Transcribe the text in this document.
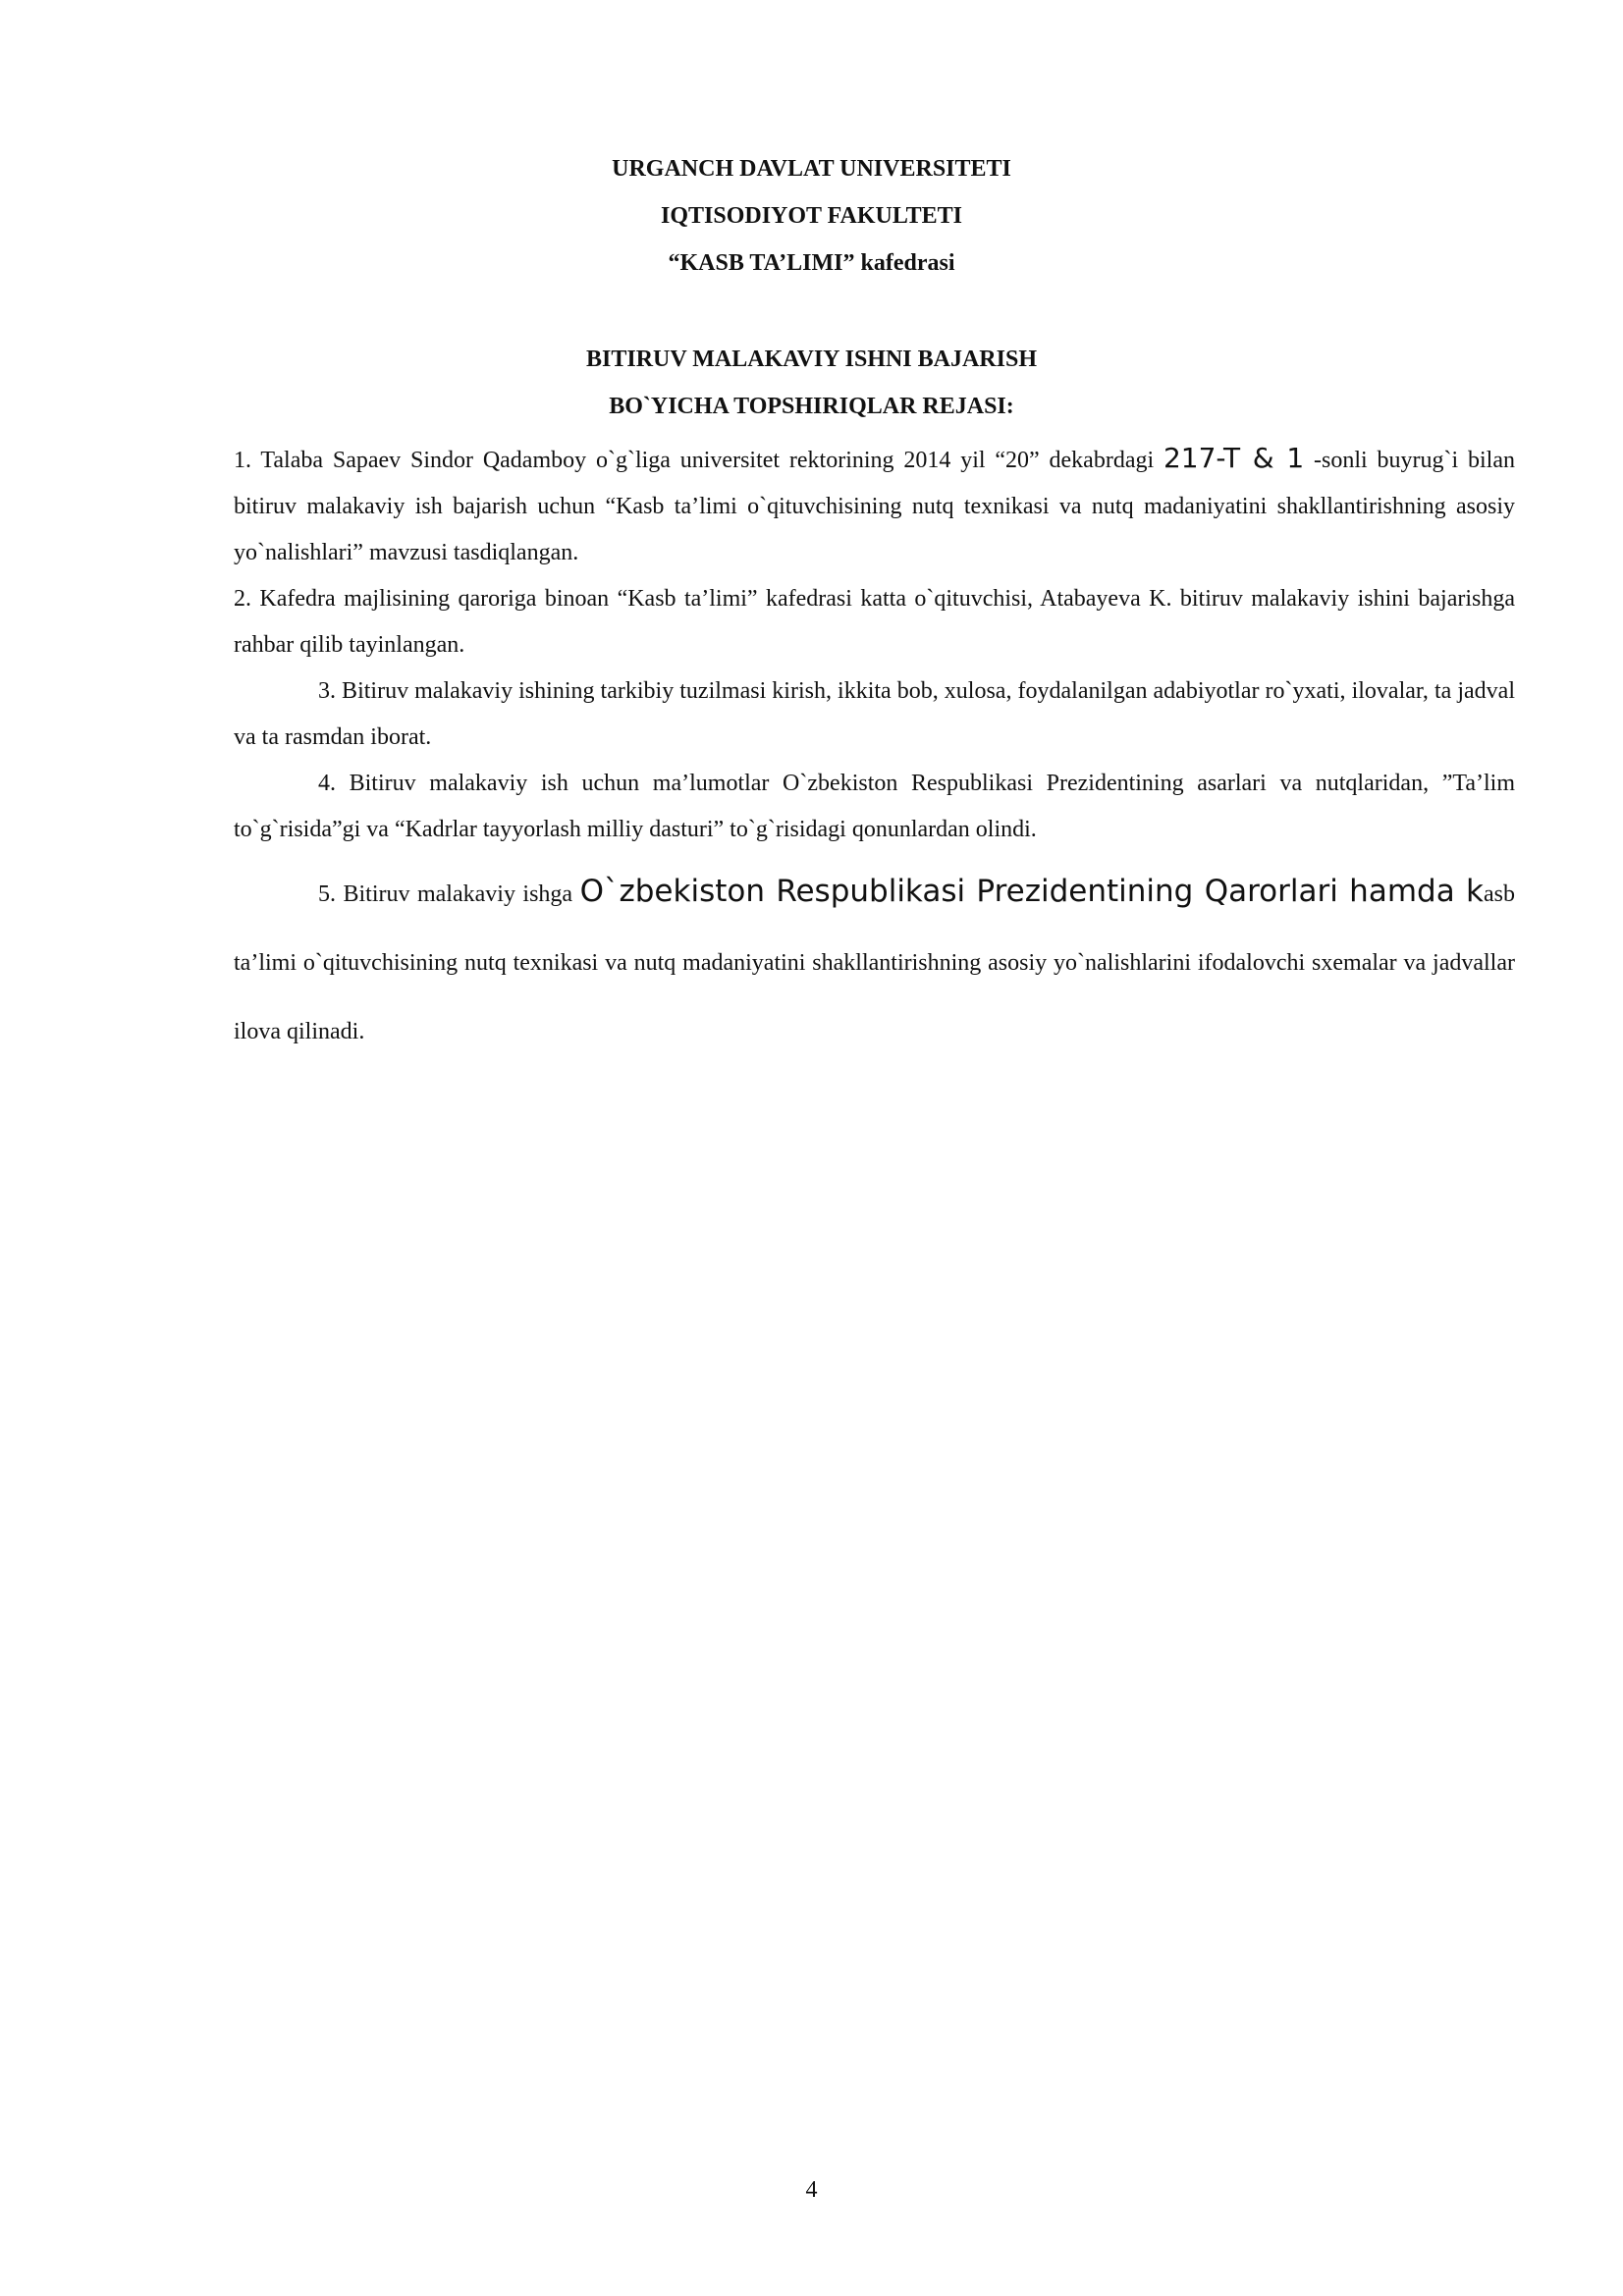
URGANCH DAVLAT UNIVERSITETI
IQTISODIYOT FAKULTETI
“KASB TA’LIMI” kafedrasi
BITIRUV MALAKAVIY ISHNI BAJARISH
BO`YICHA TOPSHIRIQLAR REJASI:

1. Talaba Sapaev Sindor Qadamboy o`g`liga universitet rektorining 2014 yil “20” dekabrdagi 217-T & 1 -sonli buyrug`i bilan bitiruv malakaviy ish bajarish uchun “Kasb ta’limi o`qituvchisining nutq texnikasi va nutq madaniyatini shakllantirishning asosiy yo`nalishlari” mavzusi tasdiqlangan.

2. Kafedra majlisining qaroriga binoan “Kasb ta’limi” kafedrasi katta o`qituvchisi, Atabayeva K. bitiruv malakaviy ishini bajarishga rahbar qilib tayinlangan.

3. Bitiruv malakaviy ishining tarkibiy tuzilmasi kirish, ikkita bob, xulosa, foydalanilgan adabiyotlar ro`yxati, ilovalar, ta jadval va ta rasmdan iborat.

4. Bitiruv malakaviy ish uchun ma’lumotlar O`zbekiston Respublikasi Prezidentining asarlari va nutqlaridan, ”Ta’lim to`g`risida”gi va “Kadrlar tayyorlash milliy dasturi” to`g`risidagi qonunlardan olindi.

5. Bitiruv malakaviy ishga O`zbekiston Respublikasi Prezidentining Qarorlari hamda kasb ta’limi o`qituvchisining nutq texnikasi va nutq madaniyatini shakllantirishning asosiy yo`nalishlarini ifodalovchi sxemalar va jadvallar ilova qilinadi.

4
